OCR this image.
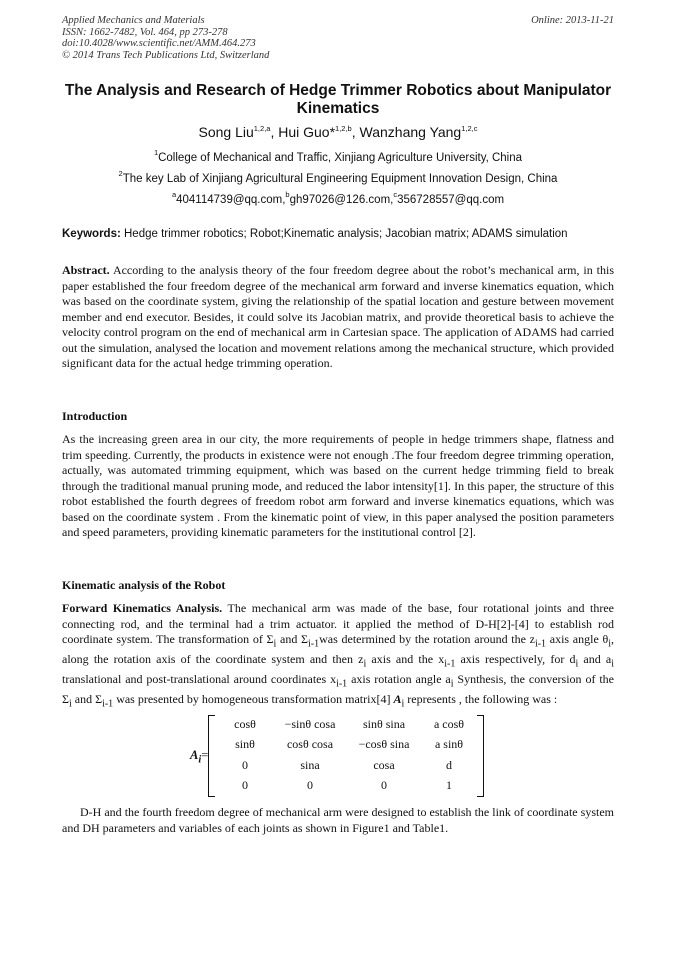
Applied Mechanics and Materials
ISSN: 1662-7482, Vol. 464, pp 273-278
doi:10.4028/www.scientific.net/AMM.464.273
© 2014 Trans Tech Publications Ltd, Switzerland
Online: 2013-11-21
The Analysis and Research of Hedge Trimmer Robotics about Manipulator Kinematics
Song Liu$^{1,2,a}$, Hui Guo*$^{1,2,b}$, Wanzhang Yang$^{1,2,c}$
$^1$College of Mechanical and Traffic, Xinjiang Agriculture University, China
$^2$The key Lab of Xinjiang Agricultural Engineering Equipment Innovation Design, China
$^a$404114739@qq.com,$^b$gh97026@126.com,$^c$356728557@qq.com
Keywords: Hedge trimmer robotics; Robot;Kinematic analysis; Jacobian matrix; ADAMS simulation
Abstract. According to the analysis theory of the four freedom degree about the robot’s mechanical arm, in this paper established the four freedom degree of the mechanical arm forward and inverse kinematics equation, which was based on the coordinate system, giving the relationship of the spatial location and gesture between movement member and end executor. Besides, it could solve its Jacobian matrix, and provide theoretical basis to achieve the velocity control program on the end of mechanical arm in Cartesian space. The application of ADAMS had carried out the simulation, analysed the location and movement relations among the mechanical structure, which provided significant data for the actual hedge trimming operation.
Introduction
As the increasing green area in our city, the more requirements of people in hedge trimmers shape, flatness and trim speeding. Currently, the products in existence were not enough .The four freedom degree trimming operation, actually, was automated trimming equipment, which was based on the current hedge trimming field to break through the traditional manual pruning mode, and reduced the labor intensity[1]. In this paper, the structure of this robot established the fourth degrees of freedom robot arm forward and inverse kinematics equations, which was based on the coordinate system . From the kinematic point of view, in this paper analysed the position parameters and speed parameters, providing kinematic parameters for the institutional control [2].
Kinematic analysis of the Robot
Forward Kinematics Analysis. The mechanical arm was made of the base, four rotational joints and three connecting rod, and the terminal had a trim actuator. it applied the method of D-H[2]-[4] to establish rod coordinate system. The transformation of $\Sigma_i$ and $\Sigma_{i-1}was$ determined by the rotation around the $z_{i-1}$ axis angle $\theta_i$, along the rotation axis of the coordinate system and then $z_i$ axis and the $x_{i-1}$ axis respectively, for $d_i$ and $a_i$ translational and post-translational around coordinates $x_{i-1}$ axis rotation angle $a_i$ Synthesis, the conversion of the $\Sigma_i$ and $\Sigma_{i-1}$ was presented by homogeneous transformation matrix[4] $A_i$ represents , the following was :
$A_i=$
cosθ	−sinθ cosa	sinθ sina	a cosθ
sinθ	cosθ cosa	−cosθ sina	a sinθ
0	sina	cosa	d
0	0	0	1
D-H and the fourth freedom degree of mechanical arm were designed to establish the link of coordinate system and DH parameters and variables of each joints as shown in Figure1 and Table1.
